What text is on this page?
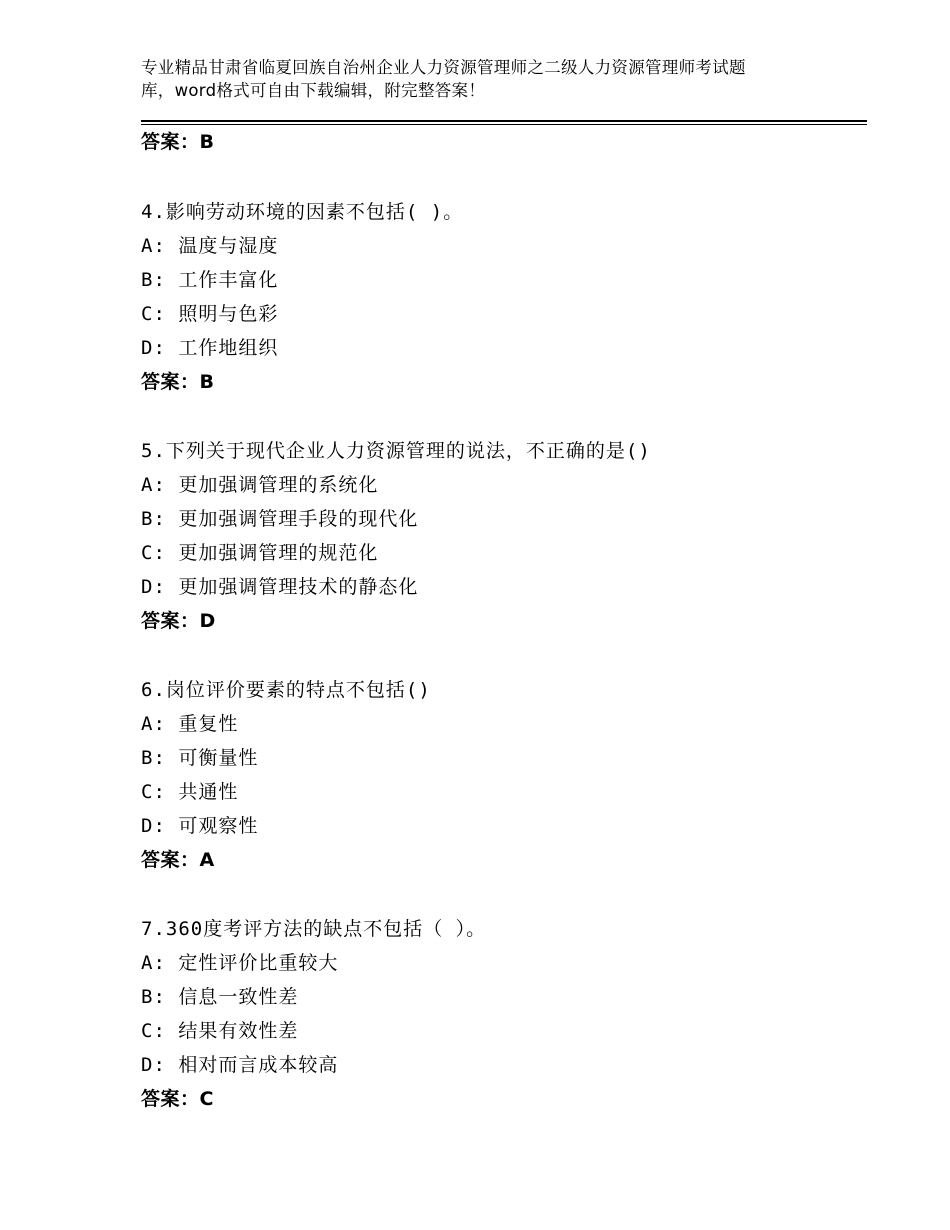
专业精品甘肃省临夏回族自治州企业人力资源管理师之二级人力资源管理师考试题
库，word格式可自由下载编辑，附完整答案！
答案：B
4.影响劳动环境的因素不包括( )。
A: 温度与湿度
B: 工作丰富化
C: 照明与色彩
D: 工作地组织
答案：B
5.下列关于现代企业人力资源管理的说法，不正确的是()
A: 更加强调管理的系统化
B: 更加强调管理手段的现代化
C: 更加强调管理的规范化
D: 更加强调管理技术的静态化
答案：D
6.岗位评价要素的特点不包括()
A: 重复性
B: 可衡量性
C: 共通性
D: 可观察性
答案：A
7.360度考评方法的缺点不包括（ ）。
A: 定性评价比重较大
B: 信息一致性差
C: 结果有效性差
D: 相对而言成本较高
答案：C
